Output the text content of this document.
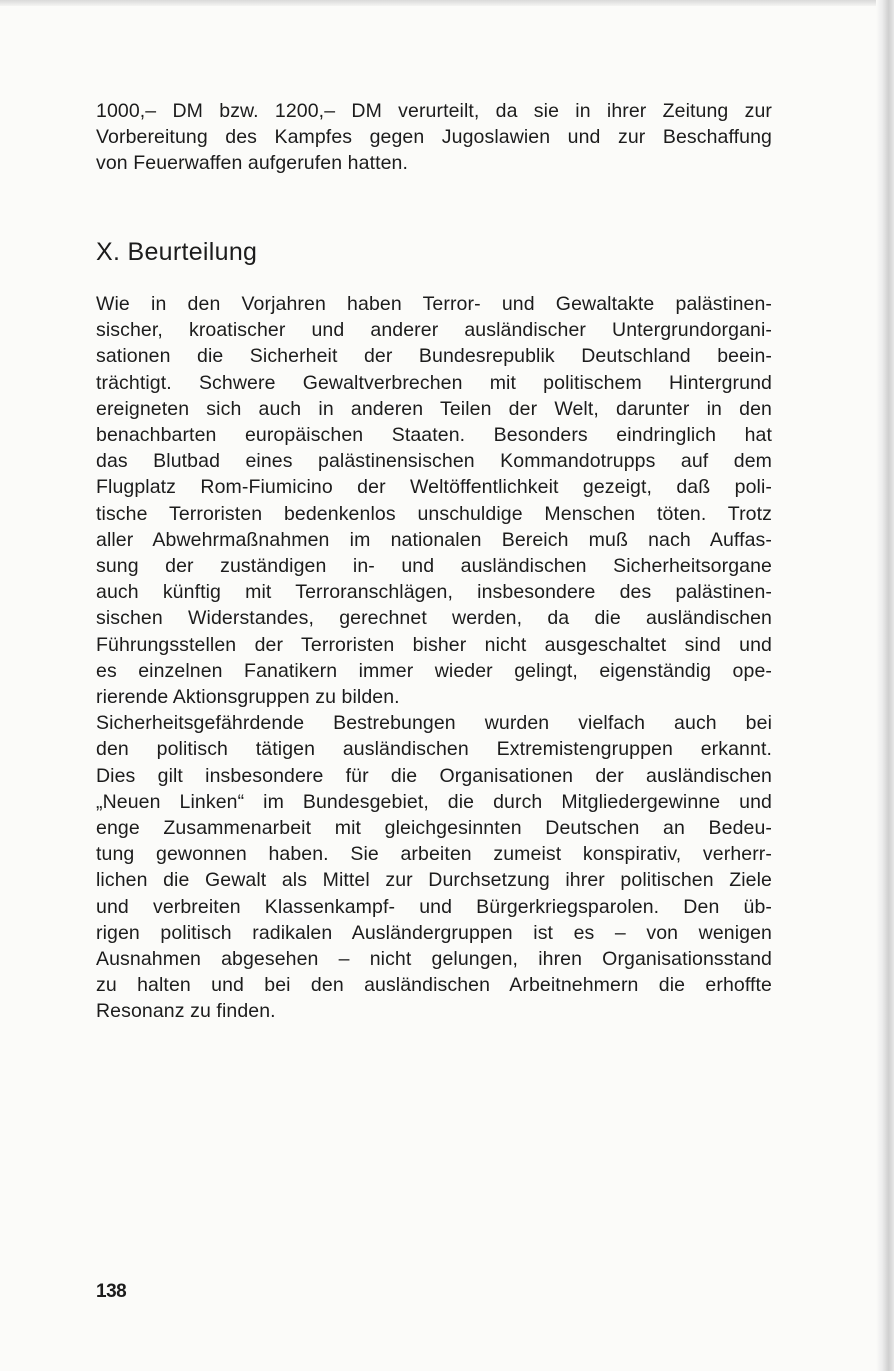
1000,– DM bzw. 1200,– DM verurteilt, da sie in ihrer Zeitung zur
Vorbereitung des Kampfes gegen Jugoslawien und zur Beschaffung
von Feuerwaffen aufgerufen hatten.
X. Beurteilung
Wie in den Vorjahren haben Terror- und Gewaltakte palästinen-
sischer, kroatischer und anderer ausländischer Untergrundorgani-
sationen die Sicherheit der Bundesrepublik Deutschland beein-
trächtigt. Schwere Gewaltverbrechen mit politischem Hintergrund
ereigneten sich auch in anderen Teilen der Welt, darunter in den
benachbarten europäischen Staaten. Besonders eindringlich hat
das Blutbad eines palästinensischen Kommandotrupps auf dem
Flugplatz Rom-Fiumicino der Weltöffentlichkeit gezeigt, daß poli-
tische Terroristen bedenkenlos unschuldige Menschen töten. Trotz
aller Abwehrmaßnahmen im nationalen Bereich muß nach Auffas-
sung der zuständigen in- und ausländischen Sicherheitsorgane
auch künftig mit Terroranschlägen, insbesondere des palästinen-
sischen Widerstandes, gerechnet werden, da die ausländischen
Führungsstellen der Terroristen bisher nicht ausgeschaltet sind und
es einzelnen Fanatikern immer wieder gelingt, eigenständig ope-
rierende Aktionsgruppen zu bilden.
Sicherheitsgefährdende Bestrebungen wurden vielfach auch bei
den politisch tätigen ausländischen Extremistengruppen erkannt.
Dies gilt insbesondere für die Organisationen der ausländischen
„Neuen Linken“ im Bundesgebiet, die durch Mitgliedergewinne und
enge Zusammenarbeit mit gleichgesinnten Deutschen an Bedeu-
tung gewonnen haben. Sie arbeiten zumeist konspirativ, verherr-
lichen die Gewalt als Mittel zur Durchsetzung ihrer politischen Ziele
und verbreiten Klassenkampf- und Bürgerkriegsparolen. Den üb-
rigen politisch radikalen Ausländergruppen ist es – von wenigen
Ausnahmen abgesehen – nicht gelungen, ihren Organisationsstand
zu halten und bei den ausländischen Arbeitnehmern die erhoffte
Resonanz zu finden.
138
